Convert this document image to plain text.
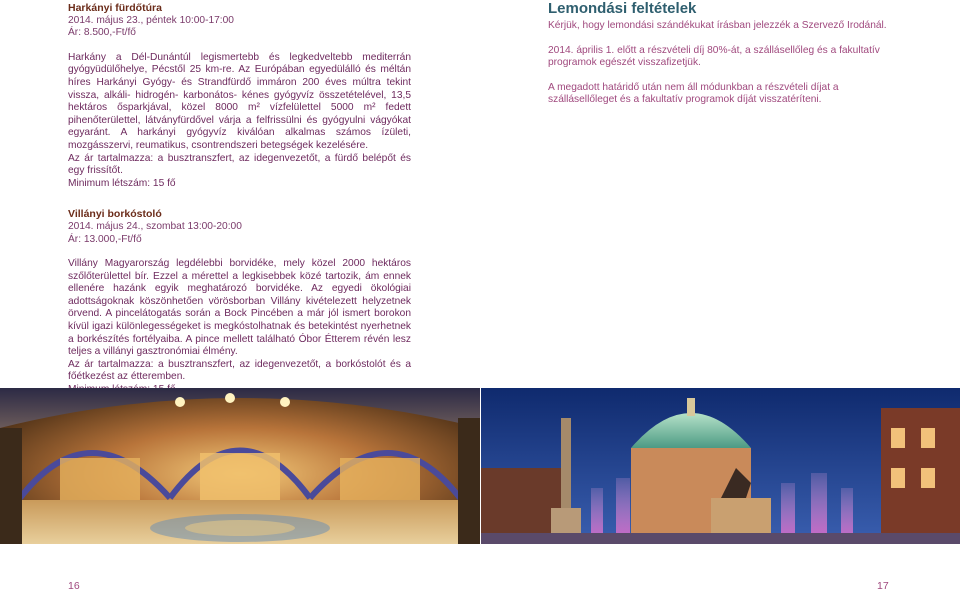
Harkányi fürdőtúra
2014. május 23., péntek 10:00-17:00
Ár: 8.500,-Ft/fő

Harkány a Dél-Dunántúl legismertebb és legkedveltebb mediterrán gyógyüdülőhelye, Pécstől 25 km-re. Az Európában egyedülálló és méltán híres Harkányi Gyógy- és Strandfürdő immáron 200 éves múltra tekint vissza, alkáli- hidrogén- karbonátos- kénes gyógyvíz összetételével, 13,5 hektáros ősparkjával, közel 8000 m² vízfelülettel 5000 m² fedett pihenőterülettel, látványfürdővel várja a felfrissülni és gyógyulni vágyókat egyaránt. A harkányi gyógyvíz kiválóan alkalmas számos ízületi, mozgásszervi, reumatikus, csontrendszeri betegségek kezelésére.

Az ár tartalmazza: a busztranszfert, az idegenvezetőt, a fürdő belépőt és egy frissítőt.

Minimum létszám: 15 fő

Villányi borkóstoló
2014. május 24., szombat 13:00-20:00
Ár: 13.000,-Ft/fő

Villány Magyarország legdélebbi borvidéke, mely közel 2000 hektáros szőlőterülettel bír. Ezzel a mérettel a legkisebbek közé tartozik, ám ennek ellenére hazánk egyik meghatározó borvidéke. Az egyedi ökológiai adottságoknak köszönhetően vörösborban Villány kivételezett helyzetnek örvend. A pincelátogatás során a Bock Pincében a már jól ismert borokon kívül igazi különlegességeket is megkóstolhatnak és betekintést nyerhetnek a borkészítés fortélyaiba. A pince mellett található Óbor Étterem révén lesz teljes a villányi gasztronómiai élmény.

Az ár tartalmazza: a busztranszfert, az idegenvezetőt, a borkóstolót és a főétkezést az étteremben.

Lemondási feltételek

Kérjük, hogy lemondási szándékukat írásban jelezzék a Szervező Irodánál.

2014. április 1. előtt a részvételi díj 80%-át, a szállásellőleg és a fakultatív programok egészét visszafizetjük.

A megadott határidő után nem áll módunkban a részvételi díjat a szállásellőleget és a fakultatív programok díját visszatéríteni.

16	17
